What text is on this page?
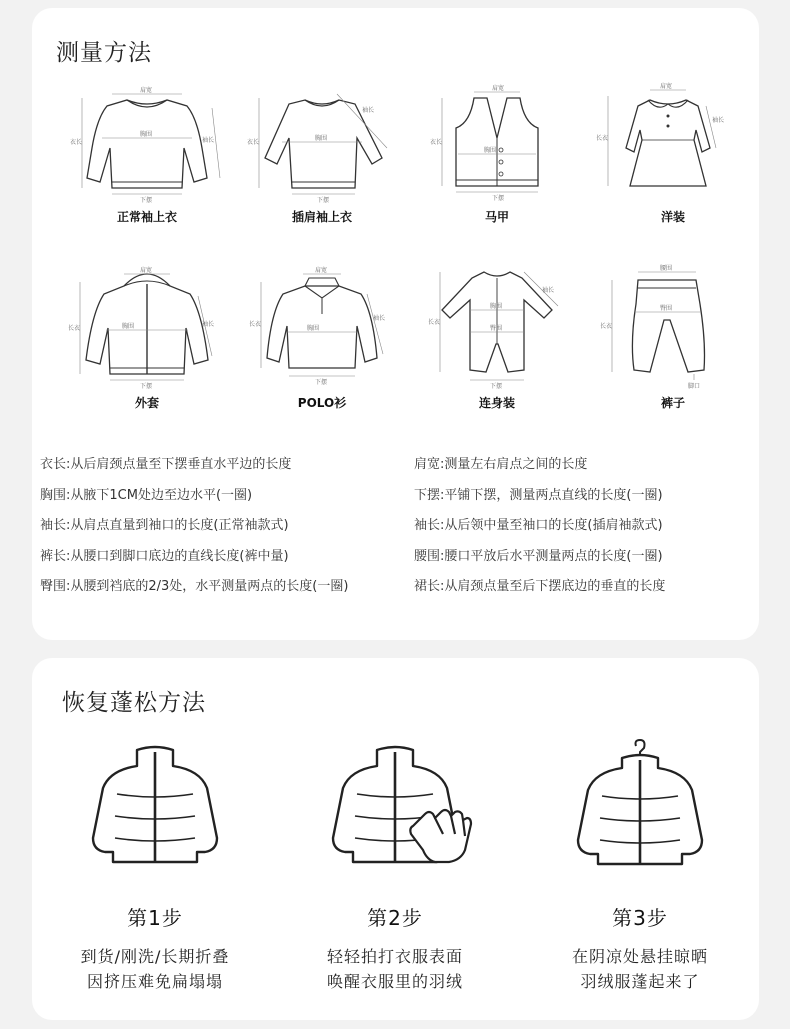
测量方法
肩宽
胸围
衣长	袖长
下摆
正常袖上衣
胸围
衣长
袖长
下摆
插肩袖上衣
肩宽
胸围
衣长
下摆
马甲
肩宽
长衣
袖长
洋装
肩宽
胸围
长衣
袖长
下摆
外套
肩宽
胸围
长衣
袖长
下摆
POLO衫
胸围
臀围
长衣
袖长
下摆
连身装
腰围
臀围
长衣
脚口
裤子
衣长:从后肩颈点量至下摆垂直水平边的长度
胸围:从腋下1CM处边至边水平(一圈)
袖长:从肩点直量到袖口的长度(正常袖款式)
裤长:从腰口到脚口底边的直线长度(裤中量)
臀围:从腰到裆底的2/3处，水平测量两点的长度(一圈)
肩宽:测量左右肩点之间的长度
下摆:平铺下摆，测量两点直线的长度(一圈)
袖长:从后领中量至袖口的长度(插肩袖款式)
腰围:腰口平放后水平测量两点的长度(一圈)
裙长:从肩颈点量至后下摆底边的垂直的长度
恢复蓬松方法
第1步
到货/刚洗/长期折叠
因挤压难免扁塌塌
第2步
轻轻拍打衣服表面
唤醒衣服里的羽绒
第3步
在阴凉处悬挂晾晒
羽绒服蓬起来了
